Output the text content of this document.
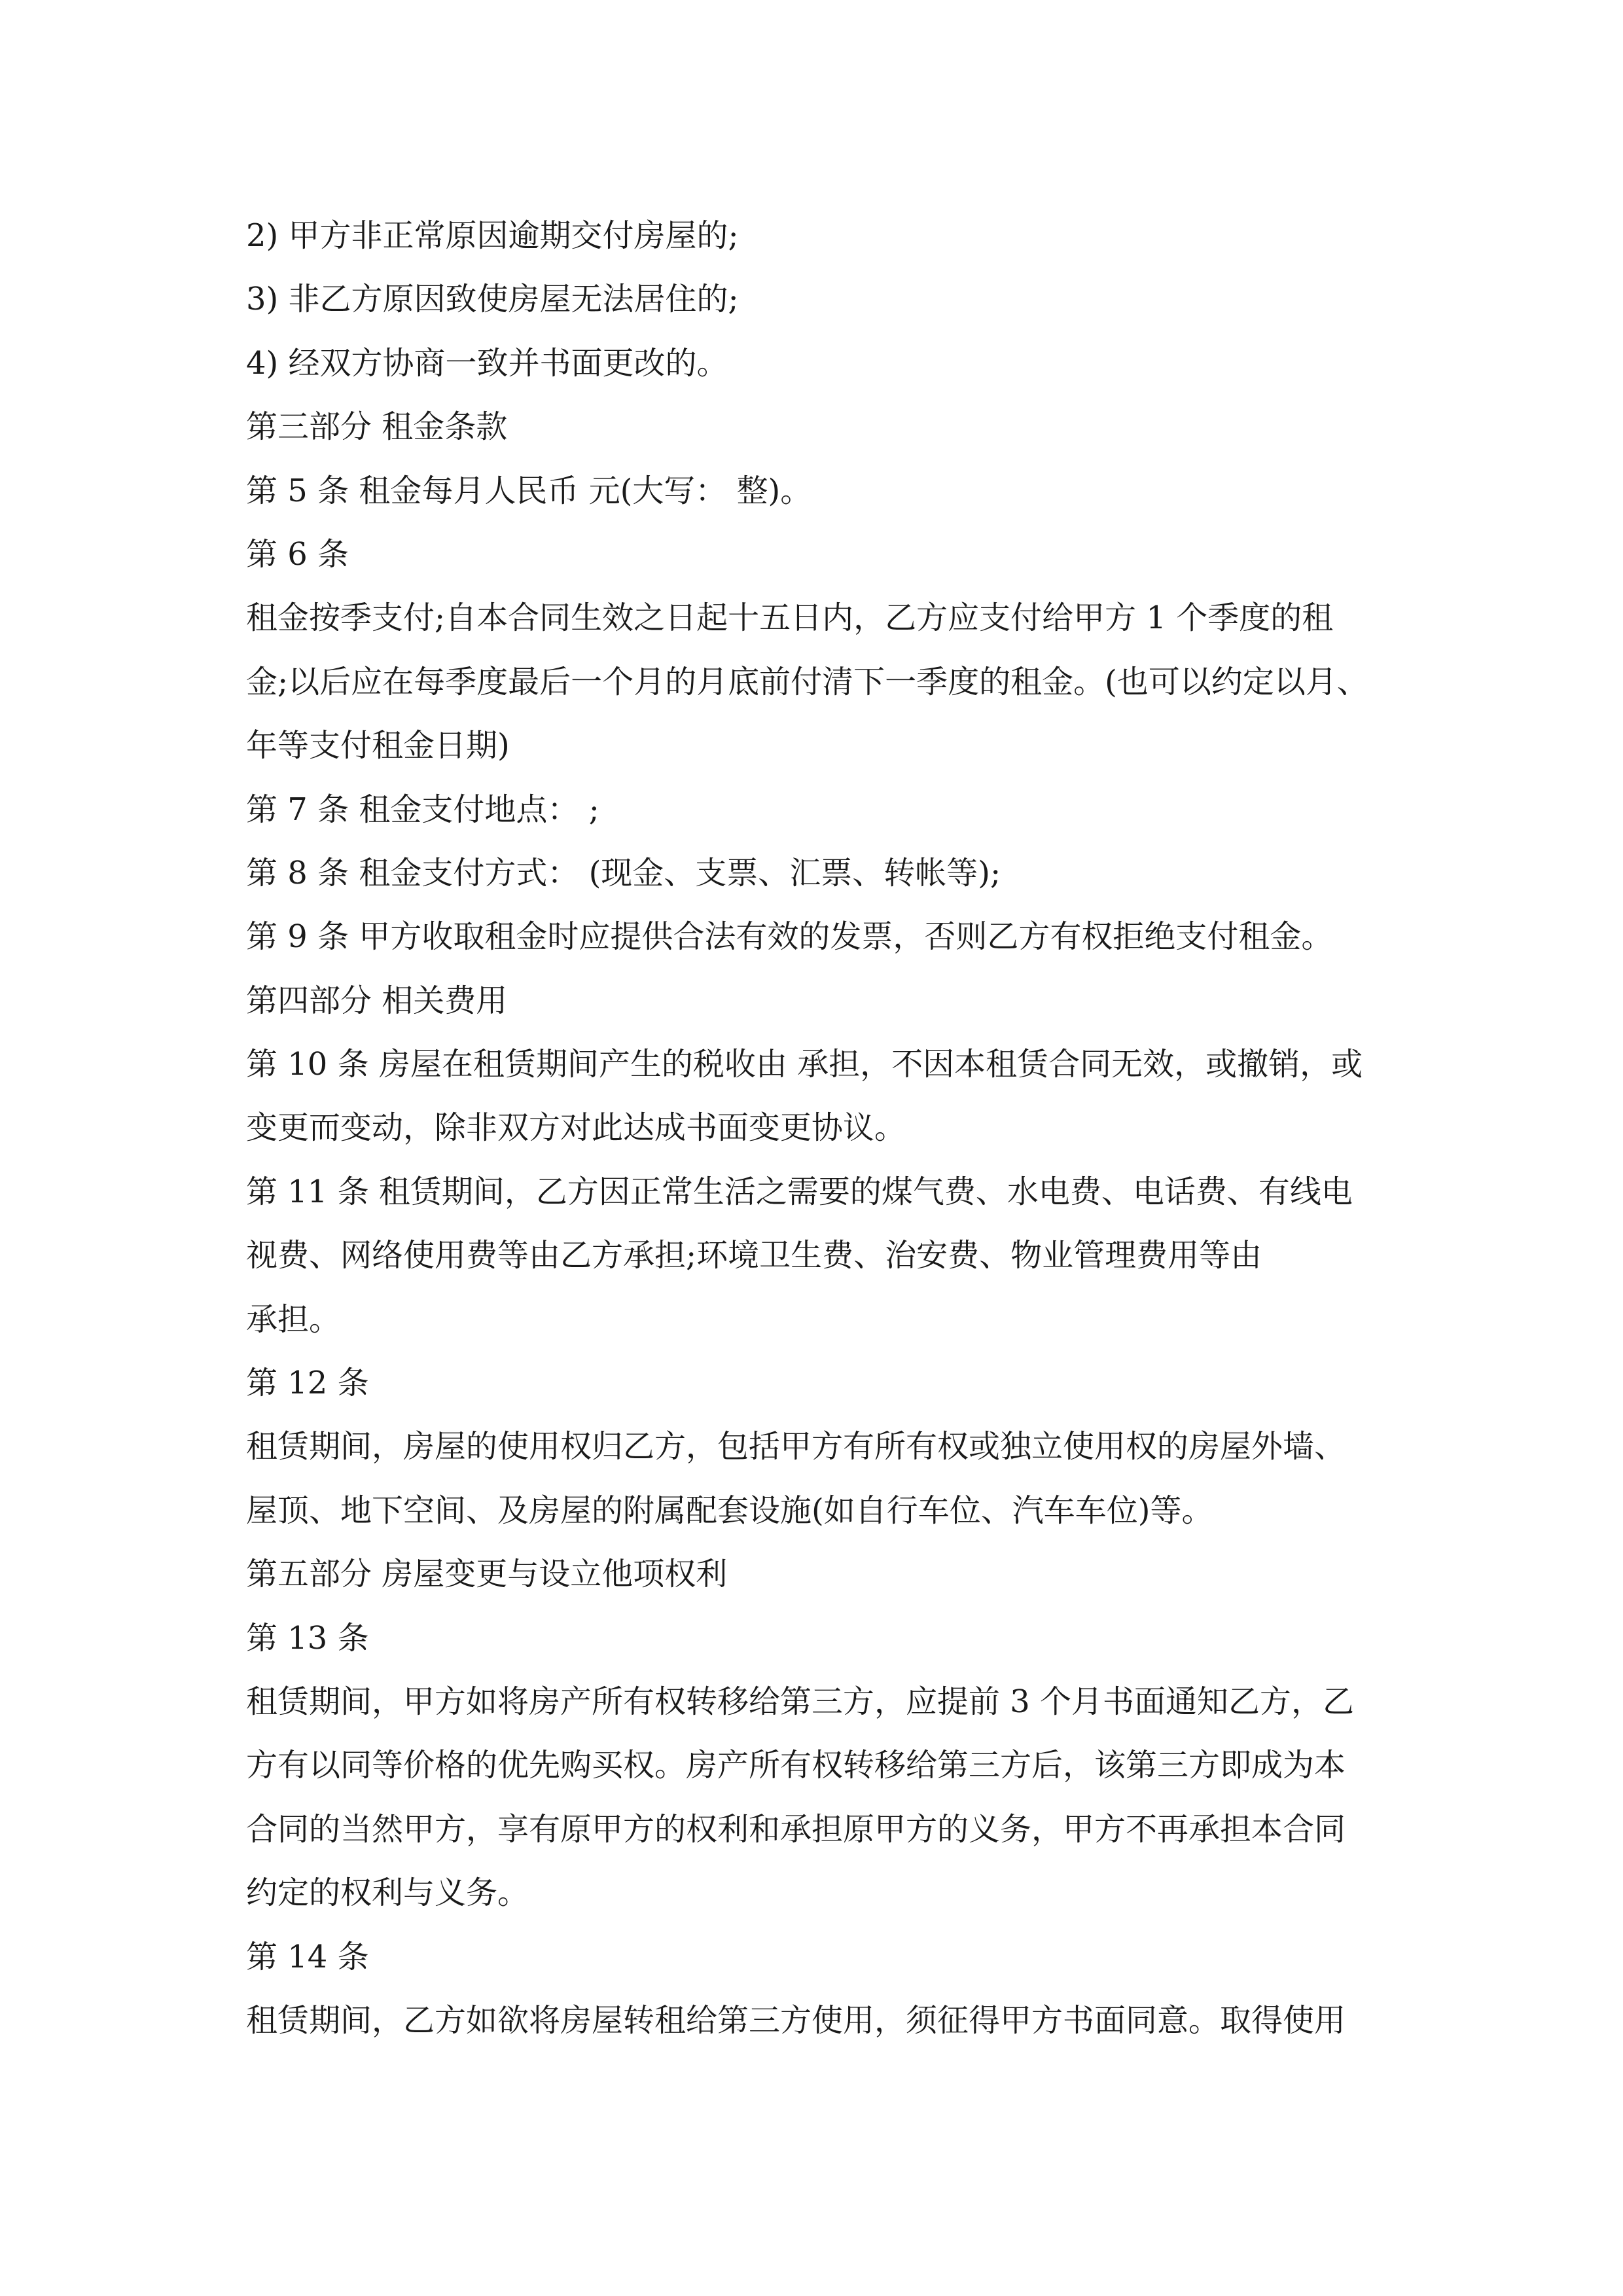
2) 甲方非正常原因逾期交付房屋的;
3) 非乙方原因致使房屋无法居住的;
4) 经双方协商一致并书面更改的。
第三部分 租金条款
第 5 条 租金每月人民币 元(大写： 整)。
第 6 条
租金按季支付;自本合同生效之日起十五日内，乙方应支付给甲方 1 个季度的租
金;以后应在每季度最后一个月的月底前付清下一季度的租金。(也可以约定以月、
年等支付租金日期)
第 7 条 租金支付地点： ;
第 8 条 租金支付方式： (现金、支票、汇票、转帐等);
第 9 条 甲方收取租金时应提供合法有效的发票，否则乙方有权拒绝支付租金。
第四部分 相关费用
第 10 条 房屋在租赁期间产生的税收由 承担，不因本租赁合同无效，或撤销，或
变更而变动，除非双方对此达成书面变更协议。
第 11 条 租赁期间，乙方因正常生活之需要的煤气费、水电费、电话费、有线电
视费、网络使用费等由乙方承担;环境卫生费、治安费、物业管理费用等由
承担。
第 12 条
租赁期间，房屋的使用权归乙方，包括甲方有所有权或独立使用权的房屋外墙、
屋顶、地下空间、及房屋的附属配套设施(如自行车位、汽车车位)等。
第五部分 房屋变更与设立他项权利
第 13 条
租赁期间，甲方如将房产所有权转移给第三方，应提前 3 个月书面通知乙方，乙
方有以同等价格的优先购买权。房产所有权转移给第三方后，该第三方即成为本
合同的当然甲方，享有原甲方的权利和承担原甲方的义务，甲方不再承担本合同
约定的权利与义务。
第 14 条
租赁期间，乙方如欲将房屋转租给第三方使用，须征得甲方书面同意。取得使用
